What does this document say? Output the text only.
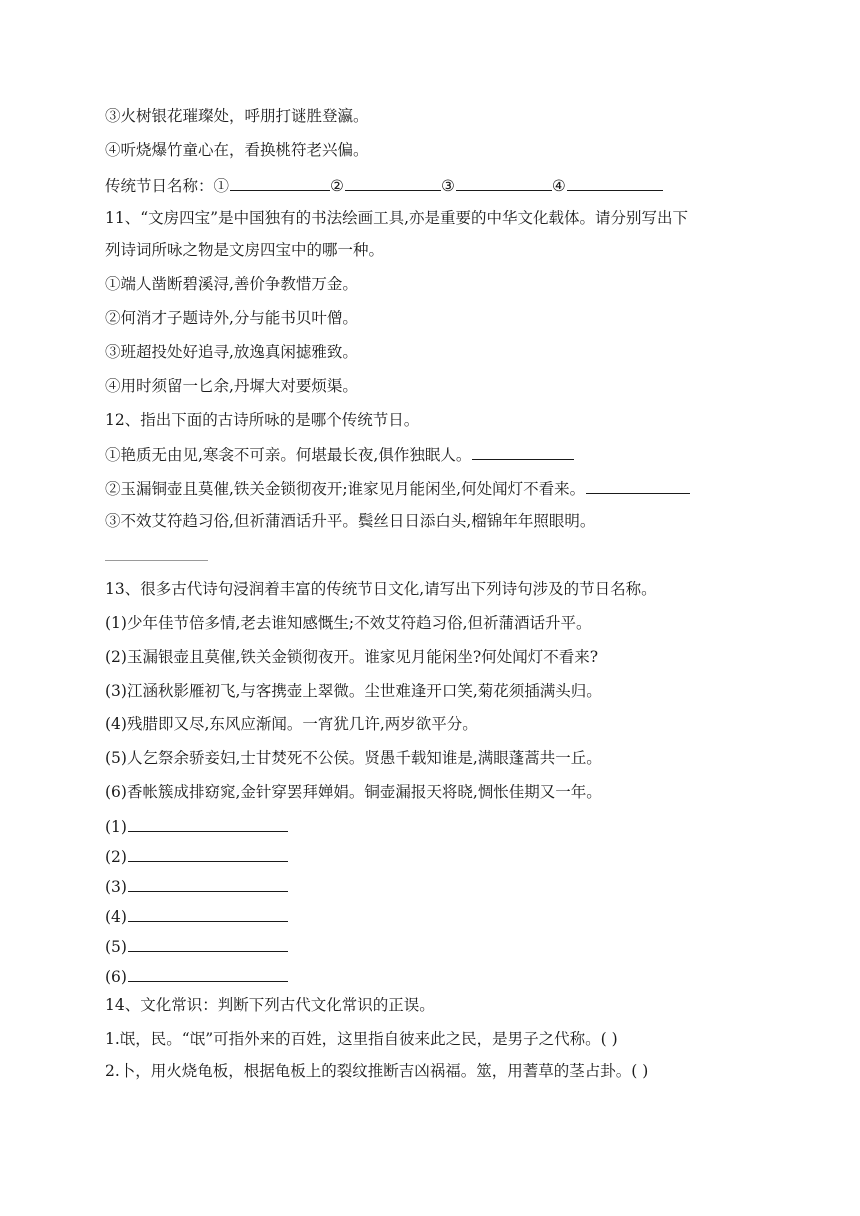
③火树银花璀璨处，呼朋打谜胜登瀛。
④听烧爆竹童心在，看换桃符老兴偏。
传统节日名称：①	②	③	④
11、“文房四宝”是中国独有的书法绘画工具,亦是重要的中华文化载体。请分别写出下
列诗词所咏之物是文房四宝中的哪一种。
①端人凿断碧溪浔,善价争教惜万金。
②何消才子题诗外,分与能书贝叶僧。
③班超投处好追寻,放逸真闲摅雅致。
④用时须留一匕余,丹墀大对要烦渠。
12、指出下面的古诗所咏的是哪个传统节日。
①艳质无由见,寒衾不可亲。何堪最长夜,俱作独眠人。
②玉漏铜壶且莫催,铁关金锁彻夜开;谁家见月能闲坐,何处闻灯不看来。
③不效艾符趋习俗,但祈蒲酒话升平。鬓丝日日添白头,榴锦年年照眼明。
13、很多古代诗句浸润着丰富的传统节日文化,请写出下列诗句涉及的节日名称。
(1)少年佳节倍多情,老去谁知感慨生;不效艾符趋习俗,但祈蒲酒话升平。
(2)玉漏银壶且莫催,铁关金锁彻夜开。谁家见月能闲坐?何处闻灯不看来?
(3)江涵秋影雁初飞,与客携壶上翠微。尘世难逢开口笑,菊花须插满头归。
(4)残腊即又尽,东风应渐闻。一宵犹几许,两岁欲平分。
(5)人乞祭余骄妾妇,士甘焚死不公侯。贤愚千载知谁是,满眼蓬蒿共一丘。
(6)香帐簇成排窈窕,金针穿罢拜婵娟。铜壶漏报天将晓,惆怅佳期又一年。
(1)
(2)
(3)
(4)
(5)
(6)
14、文化常识：判断下列古代文化常识的正误。
1.氓，民。“氓”可指外来的百姓，这里指自彼来此之民，是男子之代称。( )
2.卜，用火烧龟板，根据龟板上的裂纹推断吉凶祸福。筮，用蓍草的茎占卦。( )
